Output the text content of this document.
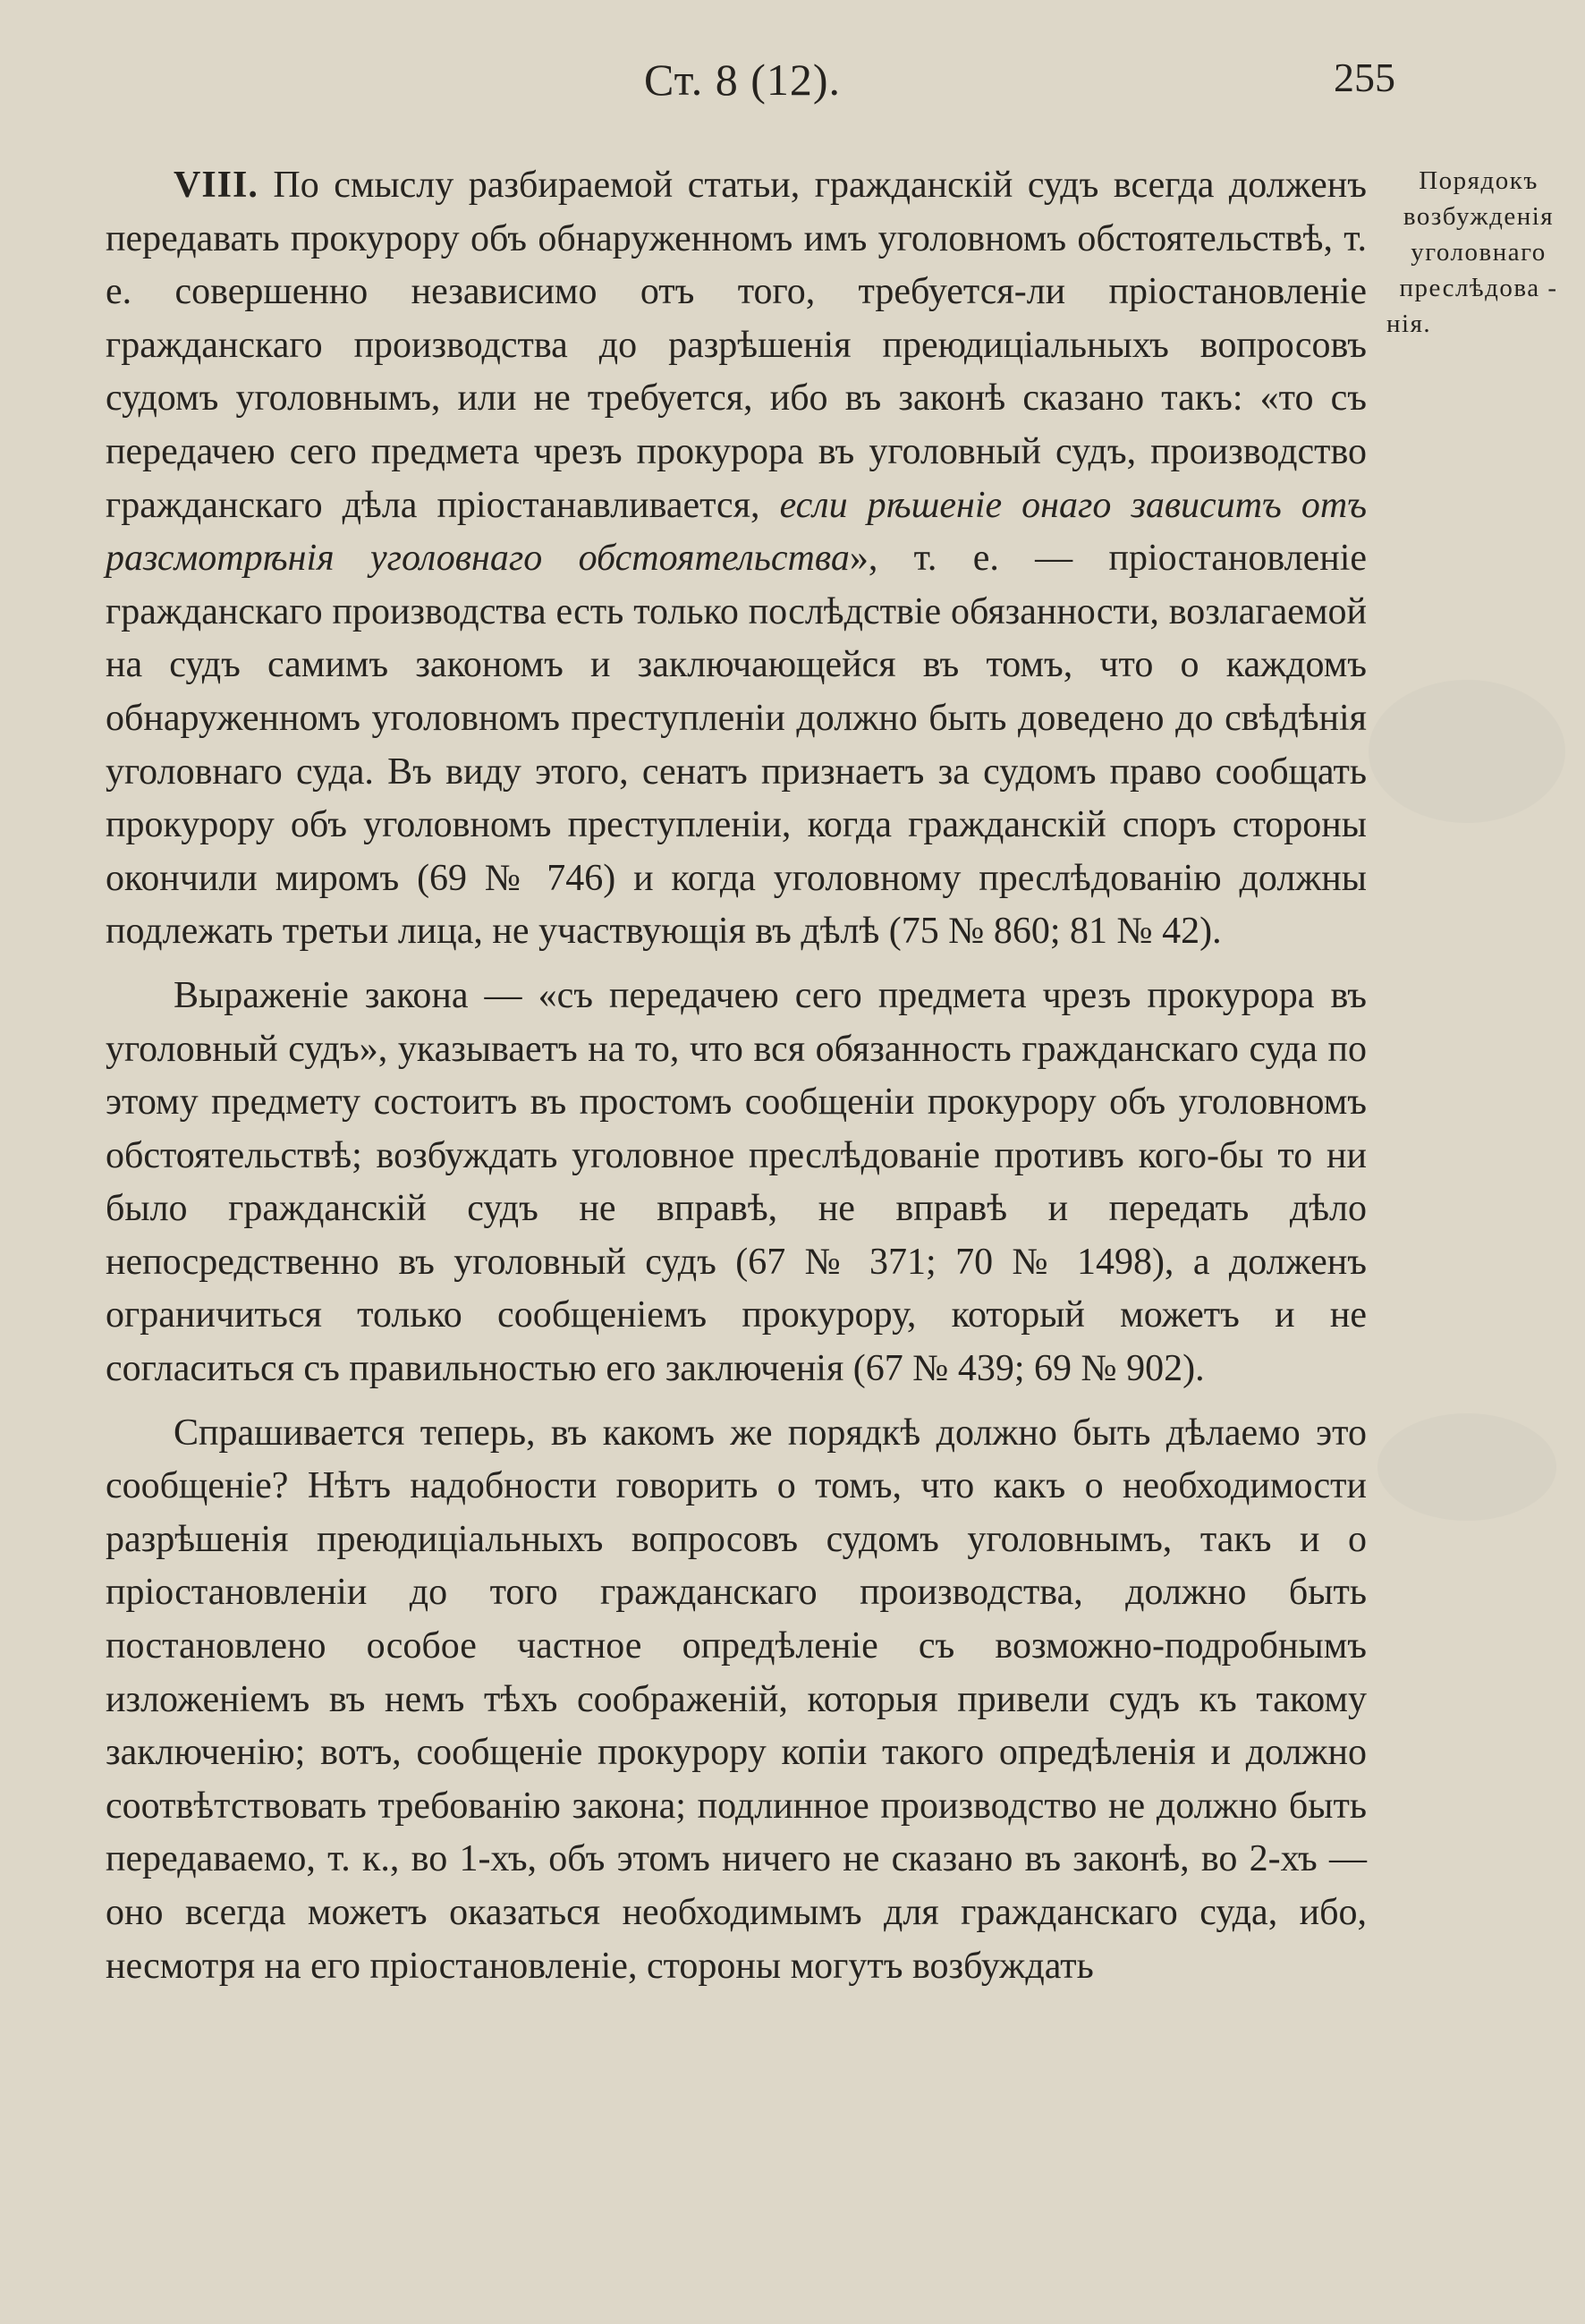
Ст. 8 (12).	255
Порядокъ
возбужденія
уголовнаго
преслѣдова -
нія.

VIII. По смыслу разбираемой статьи, гражданскій судъ всегда долженъ передавать прокурору объ обнаруженномъ имъ уголовномъ обстоятельствѣ, т. е. совершенно независимо отъ того, требуется-ли пріостановленіе гражданскаго производства до разрѣшенія преюдиціальныхъ вопросовъ судомъ уголовнымъ, или не требуется, ибо въ законѣ сказано такъ: «то съ передачею сего предмета чрезъ прокурора въ уголовный судъ, производство гражданскаго дѣла пріостанавливается, если рѣшеніе онаго зависитъ отъ разсмотрѣнія уголовнаго обстоятельства», т. е. — пріостановленіе гражданскаго производства есть только послѣдствіе обязанности, возлагаемой на судъ самимъ закономъ и заключающейся въ томъ, что о каждомъ обнаруженномъ уголовномъ преступленіи должно быть доведено до свѣдѣнія уголовнаго суда. Въ виду этого, сенатъ признаетъ за судомъ право сообщать прокурору объ уголовномъ преступленіи, когда гражданскій споръ стороны окончили миромъ (69 № 746) и когда уголовному преслѣдованію должны подлежать третьи лица, не участвующія въ дѣлѣ (75 № 860; 81 № 42).

Выраженіе закона — «съ передачею сего предмета чрезъ прокурора въ уголовный судъ», указываетъ на то, что вся обязанность гражданскаго суда по этому предмету состоитъ въ простомъ сообщеніи прокурору объ уголовномъ обстоятельствѣ; возбуждать уголовное преслѣдованіе противъ кого-бы то ни было гражданскій судъ не вправѣ, не вправѣ и передать дѣло непосредственно въ уголовный судъ (67 № 371; 70 № 1498), а долженъ ограничиться только сообщеніемъ прокурору, который можетъ и не согласиться съ правильностью его заключенія (67 № 439; 69 № 902).

Спрашивается теперь, въ какомъ же порядкѣ должно быть дѣлаемо это сообщеніе? Нѣтъ надобности говорить о томъ, что какъ о необходимости разрѣшенія преюдиціальныхъ вопросовъ судомъ уголовнымъ, такъ и о пріостановленіи до того гражданскаго производства, должно быть постановлено особое частное опредѣленіе съ возможно-подробнымъ изложеніемъ въ немъ тѣхъ соображеній, которыя привели судъ къ такому заключенію; вотъ, сообщеніе прокурору копіи такого опредѣленія и должно соотвѣтствовать требованію закона; подлинное производство не должно быть передаваемо, т. к., во 1-хъ, объ этомъ ничего не сказано въ законѣ, во 2-хъ — оно всегда можетъ оказаться необходимымъ для гражданскаго суда, ибо, несмотря на его пріостановленіе, стороны могутъ возбуждать
